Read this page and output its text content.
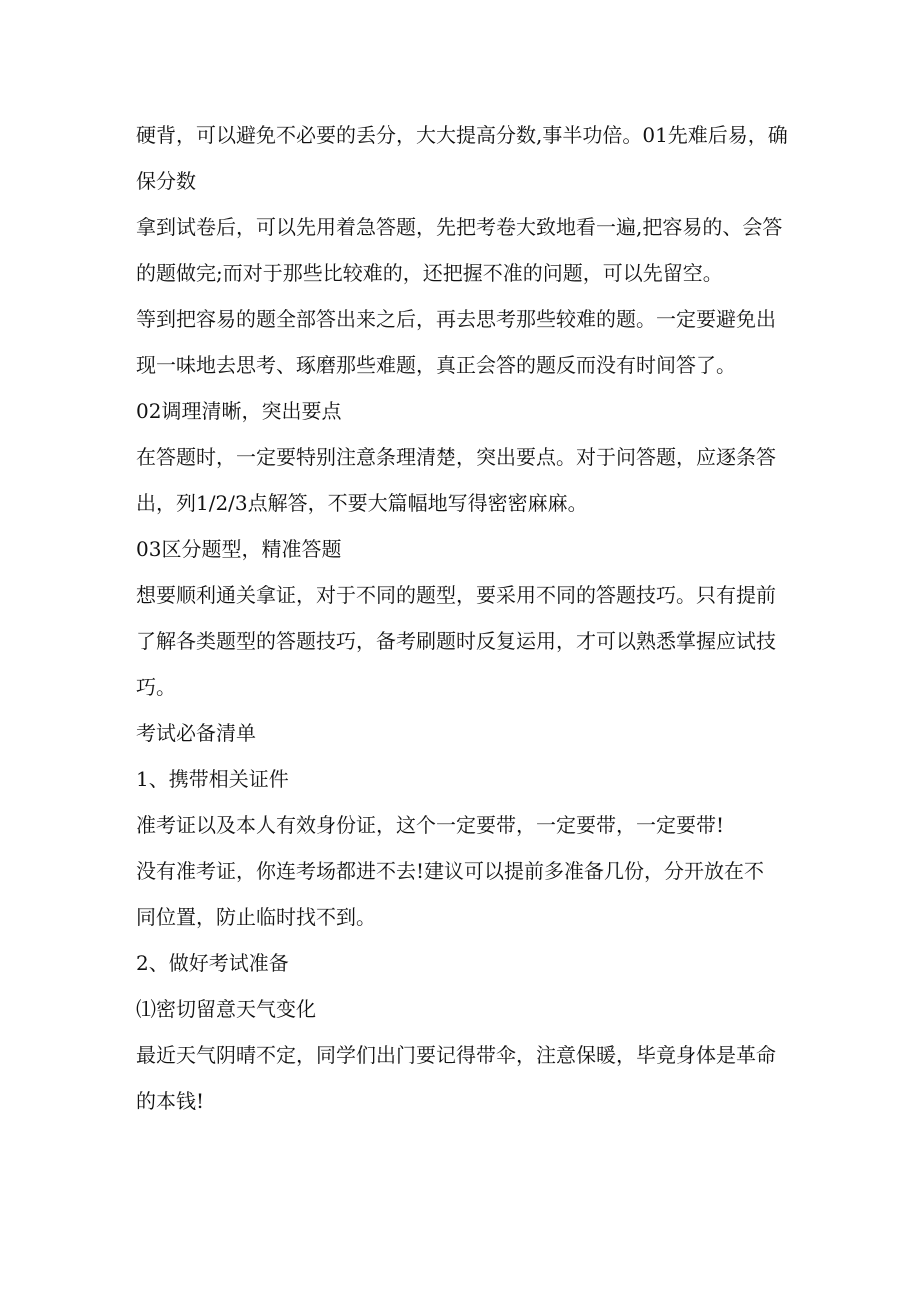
硬背，可以避免不必要的丢分，大大提高分数,事半功倍。01先难后易，确

保分数

拿到试卷后，可以先用着急答题，先把考卷大致地看一遍,把容易的、会答

的题做完;而对于那些比较难的，还把握不准的问题，可以先留空。

等到把容易的题全部答出来之后，再去思考那些较难的题。一定要避免出

现一味地去思考、琢磨那些难题，真正会答的题反而没有时间答了。

02调理清晰，突出要点

在答题时，一定要特别注意条理清楚，突出要点。对于问答题，应逐条答

出，列1/2/3点解答，不要大篇幅地写得密密麻麻。

03区分题型，精准答题

想要顺利通关拿证，对于不同的题型，要采用不同的答题技巧。只有提前

了解各类题型的答题技巧，备考刷题时反复运用，才可以熟悉掌握应试技

巧。

考试必备清单

1、携带相关证件

准考证以及本人有效身份证，这个一定要带，一定要带，一定要带!

没有准考证，你连考场都进不去!建议可以提前多准备几份，分开放在不

同位置，防止临时找不到。

2、做好考试准备

⑴密切留意天气变化

最近天气阴晴不定，同学们出门要记得带伞，注意保暖，毕竟身体是革命

的本钱!
